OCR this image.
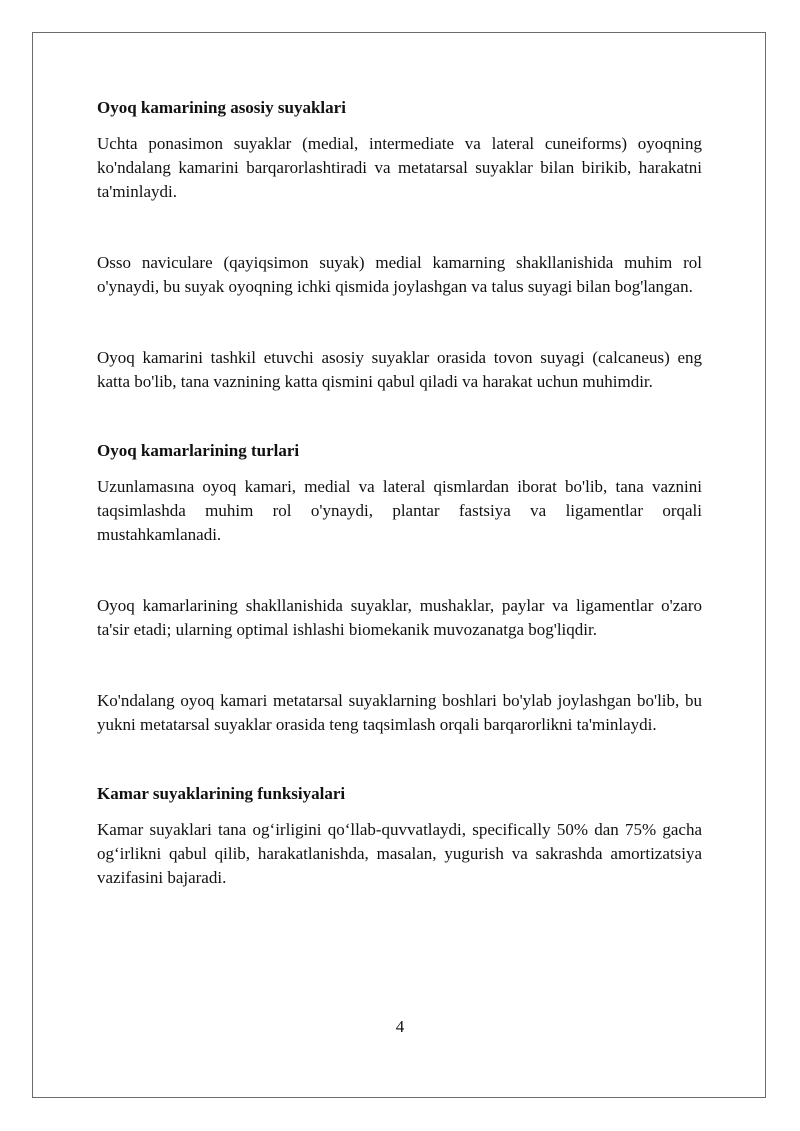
Oyoq kamarining asosiy suyaklari

Uchta ponasimon suyaklar (medial, intermediate va lateral cuneiforms) oyoqning ko'ndalang kamarini barqarorlashtiradi va metatarsal suyaklar bilan birikib, harakatni ta'minlaydi.

Osso naviculare (qayiqsimon suyak) medial kamarning shakllanishida muhim rol o'ynaydi, bu suyak oyoqning ichki qismida joylashgan va talus suyagi bilan bog'langan.

Oyoq kamarini tashkil etuvchi asosiy suyaklar orasida tovon suyagi (calcaneus) eng katta bo'lib, tana vaznining katta qismini qabul qiladi va harakat uchun muhimdir.

Oyoq kamarlarining turlari

Uzunlamasına oyoq kamari, medial va lateral qismlardan iborat bo'lib, tana vaznini taqsimlashda muhim rol o'ynaydi, plantar fastsiya va ligamentlar orqali mustahkamlanadi.

Oyoq kamarlarining shakllanishida suyaklar, mushaklar, paylar va ligamentlar o'zaro ta'sir etadi; ularning optimal ishlashi biomekanik muvozanatga bog'liqdir.

Ko'ndalang oyoq kamari metatarsal suyaklarning boshlari bo'ylab joylashgan bo'lib, bu yukni metatarsal suyaklar orasida teng taqsimlash orqali barqarorlikni ta'minlaydi.

Kamar suyaklarining funksiyalari

Kamar suyaklari tana og‘irligini qo‘llab-quvvatlaydi, specifically 50% dan 75% gacha og‘irlikni qabul qilib, harakatlanishda, masalan, yugurish va sakrashda amortizatsiya vazifasini bajaradi.

4
